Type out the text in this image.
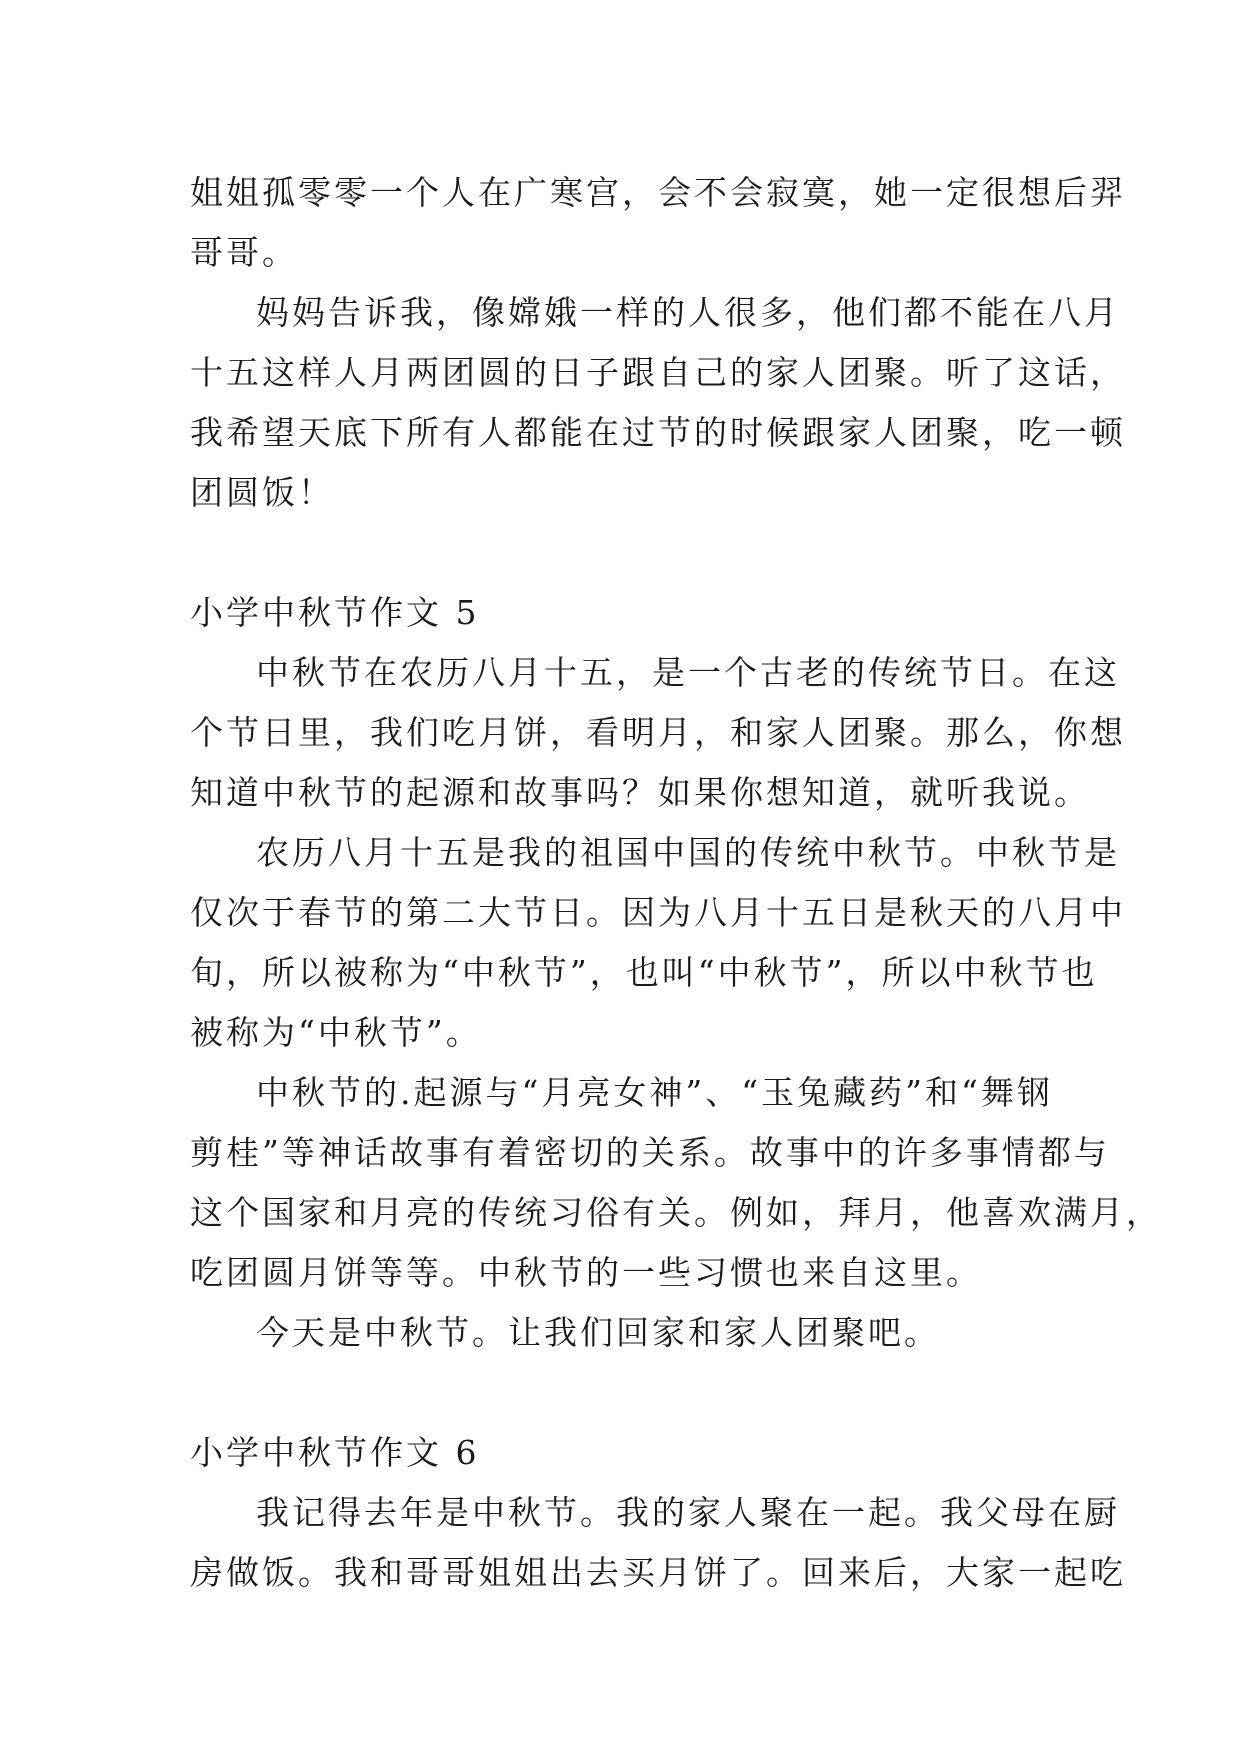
姐姐孤零零一个人在广寒宫，会不会寂寞，她一定很想后羿
哥哥。
妈妈告诉我，像嫦娥一样的人很多，他们都不能在八月
十五这样人月两团圆的日子跟自己的家人团聚。听了这话，
我希望天底下所有人都能在过节的时候跟家人团聚，吃一顿
团圆饭！
小学中秋节作文 5
中秋节在农历八月十五，是一个古老的传统节日。在这
个节日里，我们吃月饼，看明月，和家人团聚。那么，你想
知道中秋节的起源和故事吗？如果你想知道，就听我说。
农历八月十五是我的祖国中国的传统中秋节。中秋节是
仅次于春节的第二大节日。因为八月十五日是秋天的八月中
旬，所以被称为“中秋节”，也叫“中秋节”，所以中秋节也
被称为“中秋节”。
中秋节的.起源与“月亮女神”、“玉兔藏药”和“舞钢
剪桂”等神话故事有着密切的关系。故事中的许多事情都与
这个国家和月亮的传统习俗有关。例如，拜月，他喜欢满月，
吃团圆月饼等等。中秋节的一些习惯也来自这里。
今天是中秋节。让我们回家和家人团聚吧。
小学中秋节作文 6
我记得去年是中秋节。我的家人聚在一起。我父母在厨
房做饭。我和哥哥姐姐出去买月饼了。回来后，大家一起吃
